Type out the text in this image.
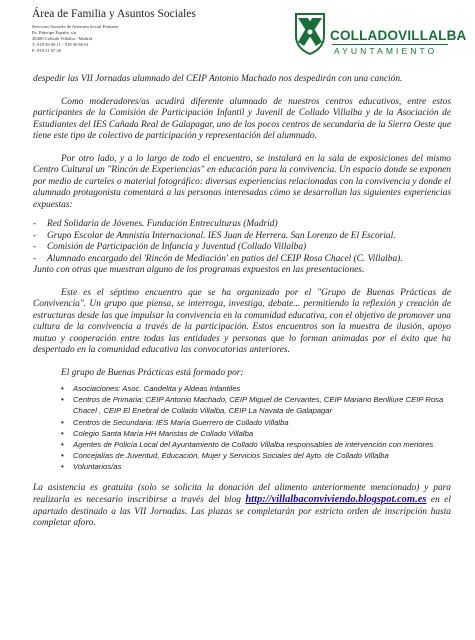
Área de Familia y Asuntos Sociales
Servicios Sociales de Atención Social Primaria
Pz. Príncipe España, s/n
28400 Collado Villalba - Madrid
T: 918 56 69 11 - 918 50 69 61
F: 918 51 07 26
COLLADOVILLALBA
AYUNTAMIENTO

despedir las VII Jornadas alumnado del CEIP Antonio Machado nos despedirán con una canción.

Como moderadores/as acudirá diferente alumnado de nuestros centros educativos, entre estos participantes de la Comisión de Participación Infantil y Juvenil de Collado Villalba y de la Asociación de Estudiantes del IES Cañada Real de Galapagar, uno de los pocos centros de secundaria de la Sierra Oeste que tiene este tipo de colectivo de participación y representación del alumnado.

Por otro lado, y a lo largo de todo el encuentro, se instalará en la sala de exposiciones del mismo Centro Cultural un "Rincón de Experiencias" en educación para la convivencia. Un espacio donde se exponen por medio de carteles o material fotográfico: diversas experiencias relacionadas con la convivencia y donde el alumnado protagonista comentará a las personas interesadas cómo se desarrollan las siguientes experiencias expuestas:

- Red Solidaria de Jóvenes. Fundación Entreculturas (Madrid)
- Grupo Escolar de Amnistía Internacional. IES Juan de Herrera. San Lorenzo de El Escorial.
- Comisión de Participación de Infancia y Juventud (Collado Villalba)
- Alumnado encargado del 'Rincón de Mediación' en patios del CEIP Rosa Chacel (C. Villalba).

Junto con otras que muestran alguno de los programas expuestos en las presentaciones.

Este es el séptimo encuentro que se ha organizado por el "Grupo de Buenas Prácticas de Convivencia". Un grupo que piensa, se interroga, investiga, debate... permitiendo la reflexión y creación de estructuras desde las que impulsar la convivencia en la comunidad educativa, con el objetivo de promover una cultura de la convivencia a través de la participación. Estos encuentros son la muestra de ilusión, apoyo mutuo y cooperación entre todas las entidades y personas que lo forman animadas por el éxito que ha despertado en la comunidad educativa las convocatorias anteriores.

El grupo de Buenas Prácticas está formado por:

• Asociaciones: Asoc. Candelita y Aldeas Infantiles
• Centros de Primaria: CEIP Antonio Machado, CEIP Miguel de Cervantes, CEIP Mariano Benlliure CEIP Rosa Chacel , CEIP El Enebral de Collado Villalba, CEIP La Navata de Galapagar
• Centros de Secundaria: IES María Guerrero de Collado Villalba
• Colegio Santa María HH Maristas de Collado Villalba
• Agentes de Policía Local del Ayuntamiento de Collado Villalba responsables de intervención con menores
• Concejalías de Juventud, Educación, Mujer y Servicios Sociales del Ayto. de Collado Villalba
• Voluntarios/as

La asistencia es gratuita (solo se solicita la donación del alimento anteriormente mencionado) y para realizarla es necesario inscribirse a través del blog http://villalbaconviviendo.blogspot.com.es en el apartado destinado a las VII Jornadas. Las plazas se completarán por estricto orden de inscripción hasta completar aforo.
